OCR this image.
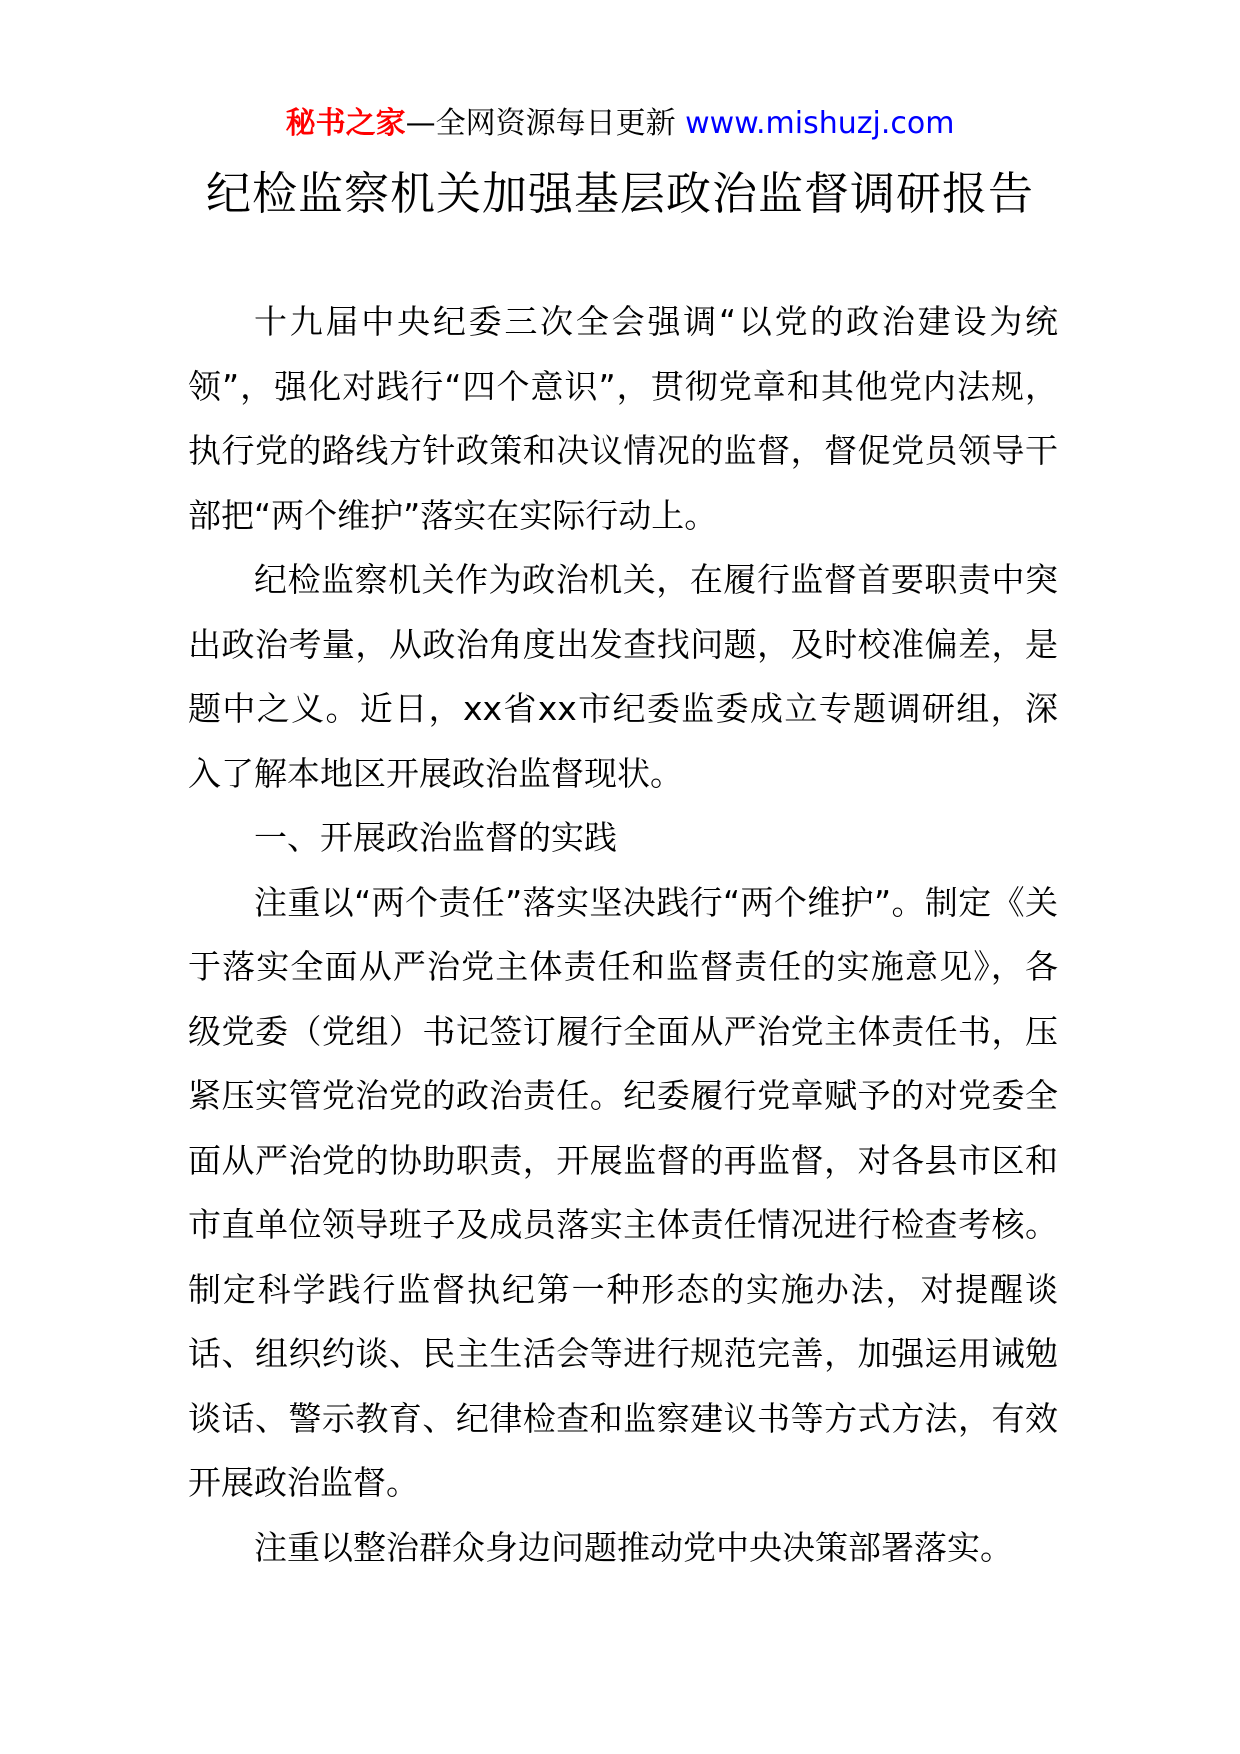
秘书之家—全网资源每日更新 www.mishuzj.com
纪检监察机关加强基层政治监督调研报告

十九届中央纪委三次全会强调“以党的政治建设为统领”，强化对践行“四个意识”，贯彻党章和其他党内法规，执行党的路线方针政策和决议情况的监督，督促党员领导干部把“两个维护”落实在实际行动上。

纪检监察机关作为政治机关，在履行监督首要职责中突出政治考量，从政治角度出发查找问题，及时校准偏差，是题中之义。近日，xx省xx市纪委监委成立专题调研组，深入了解本地区开展政治监督现状。

一、开展政治监督的实践

注重以“两个责任”落实坚决践行“两个维护”。制定《关于落实全面从严治党主体责任和监督责任的实施意见》，各级党委（党组）书记签订履行全面从严治党主体责任书，压紧压实管党治党的政治责任。纪委履行党章赋予的对党委全面从严治党的协助职责，开展监督的再监督，对各县市区和市直单位领导班子及成员落实主体责任情况进行检查考核。制定科学践行监督执纪第一种形态的实施办法，对提醒谈话、组织约谈、民主生活会等进行规范完善，加强运用诫勉谈话、警示教育、纪律检查和监察建议书等方式方法，有效开展政治监督。

注重以整治群众身边问题推动党中央决策部署落实。
